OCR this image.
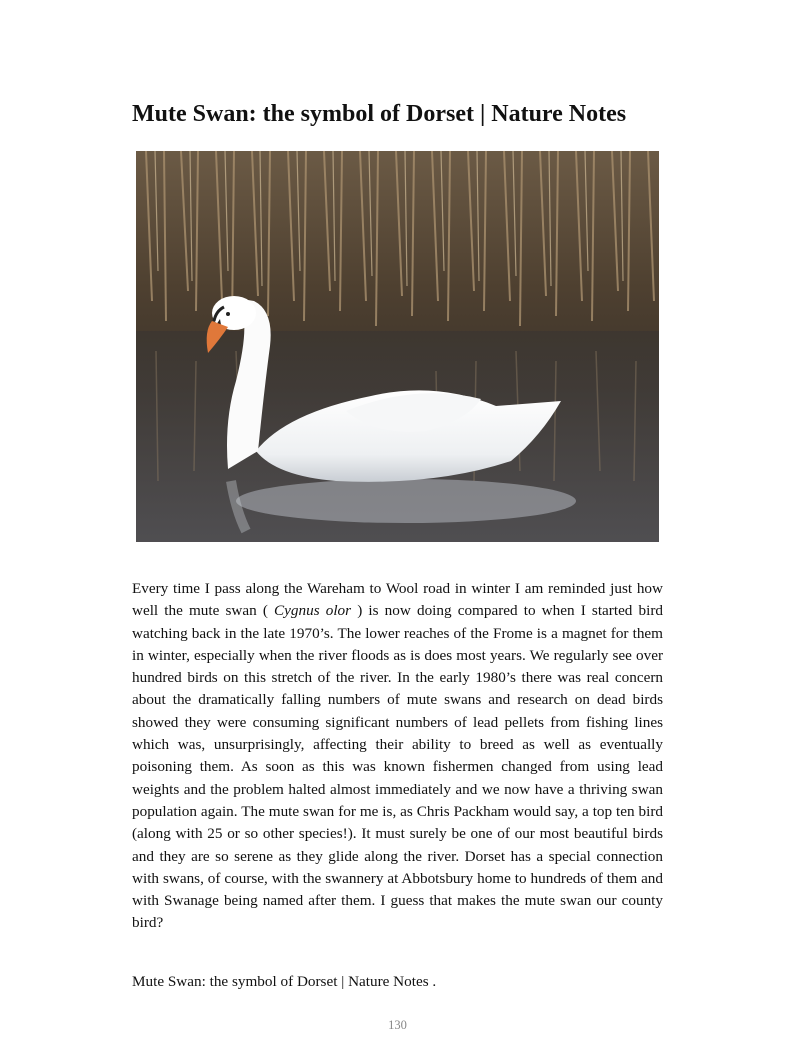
Mute Swan: the symbol of Dorset | Nature Notes

Every time I pass along the Wareham to Wool road in winter I am reminded just how well the mute swan ( Cygnus olor ) is now doing compared to when I started bird watching back in the late 1970’s. The lower reaches of the Frome is a magnet for them in winter, especially when the river floods as is does most years. We regularly see over hundred birds on this stretch of the river. In the early 1980’s there was real concern about the dramatically falling numbers of mute swans and research on dead birds showed they were consuming significant numbers of lead pellets from fishing lines which was, unsurprisingly, affecting their ability to breed as well as eventually poisoning them. As soon as this was known fishermen changed from using lead weights and the problem halted almost immediately and we now have a thriving swan population again. The mute swan for me is, as Chris Packham would say, a top ten bird (along with 25 or so other species!). It must surely be one of our most beautiful birds and they are so serene as they glide along the river. Dorset has a special connection with swans, of course, with the swannery at Abbotsbury home to hundreds of them and with Swanage being named after them. I guess that makes the mute swan our county bird?

Mute Swan: the symbol of Dorset | Nature Notes .

130
